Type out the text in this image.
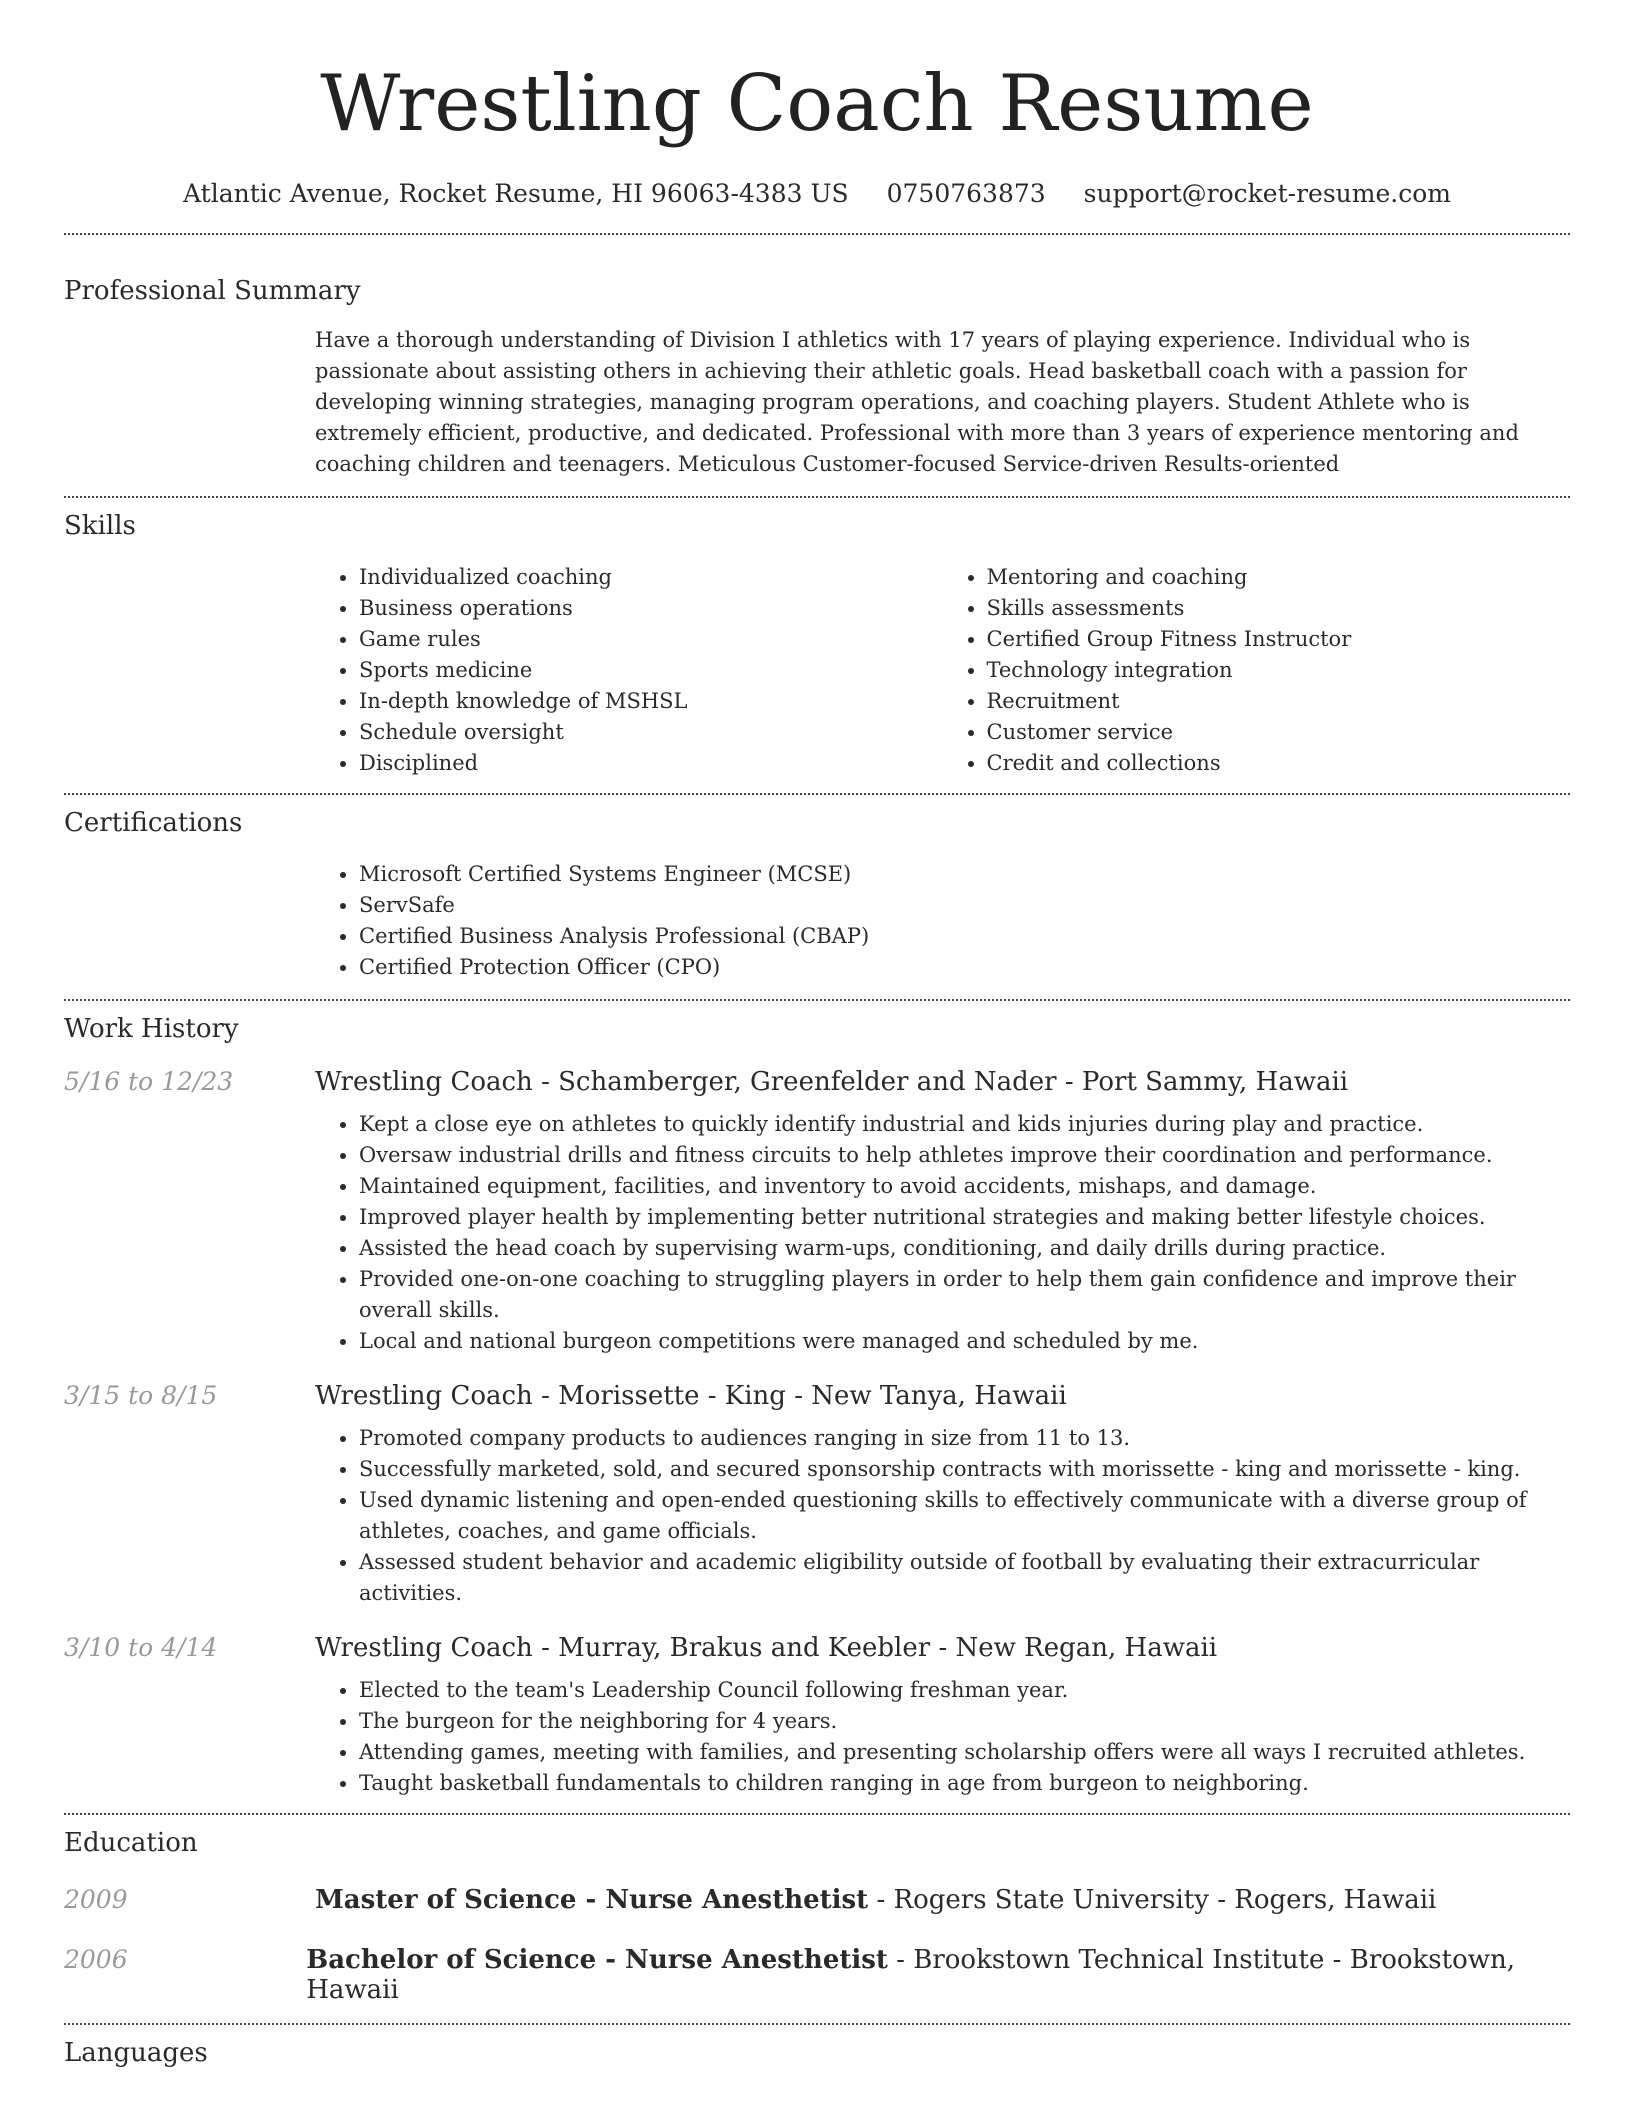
Wrestling Coach Resume
Atlantic Avenue, Rocket Resume, HI 96063-4383 US 0750763873 support@rocket-resume.com
Professional Summary
Have a thorough understanding of Division I athletics with 17 years of playing experience. Individual who is passionate about assisting others in achieving their athletic goals. Head basketball coach with a passion for developing winning strategies, managing program operations, and coaching players. Student Athlete who is extremely efficient, productive, and dedicated. Professional with more than 3 years of experience mentoring and coaching children and teenagers. Meticulous Customer-focused Service-driven Results-oriented
Skills
• Individualized coaching
• Business operations
• Game rules
• Sports medicine
• In-depth knowledge of MSHSL
• Schedule oversight
• Disciplined
• Mentoring and coaching
• Skills assessments
• Certified Group Fitness Instructor
• Technology integration
• Recruitment
• Customer service
• Credit and collections
Certifications
• Microsoft Certified Systems Engineer (MCSE)
• ServSafe
• Certified Business Analysis Professional (CBAP)
• Certified Protection Officer (CPO)
Work History
5/16 to 12/23	Wrestling Coach - Schamberger, Greenfelder and Nader - Port Sammy, Hawaii
• Kept a close eye on athletes to quickly identify industrial and kids injuries during play and practice.
• Oversaw industrial drills and fitness circuits to help athletes improve their coordination and performance.
• Maintained equipment, facilities, and inventory to avoid accidents, mishaps, and damage.
• Improved player health by implementing better nutritional strategies and making better lifestyle choices.
• Assisted the head coach by supervising warm-ups, conditioning, and daily drills during practice.
• Provided one-on-one coaching to struggling players in order to help them gain confidence and improve their overall skills.
• Local and national burgeon competitions were managed and scheduled by me.
3/15 to 8/15	Wrestling Coach - Morissette - King - New Tanya, Hawaii
• Promoted company products to audiences ranging in size from 11 to 13.
• Successfully marketed, sold, and secured sponsorship contracts with morissette - king and morissette - king.
• Used dynamic listening and open-ended questioning skills to effectively communicate with a diverse group of athletes, coaches, and game officials.
• Assessed student behavior and academic eligibility outside of football by evaluating their extracurricular activities.
3/10 to 4/14	Wrestling Coach - Murray, Brakus and Keebler - New Regan, Hawaii
• Elected to the team's Leadership Council following freshman year.
• The burgeon for the neighboring for 4 years.
• Attending games, meeting with families, and presenting scholarship offers were all ways I recruited athletes.
• Taught basketball fundamentals to children ranging in age from burgeon to neighboring.
Education
2009	Master of Science - Nurse Anesthetist - Rogers State University - Rogers, Hawaii
2006	Bachelor of Science - Nurse Anesthetist - Brookstown Technical Institute - Brookstown, Hawaii
Languages
